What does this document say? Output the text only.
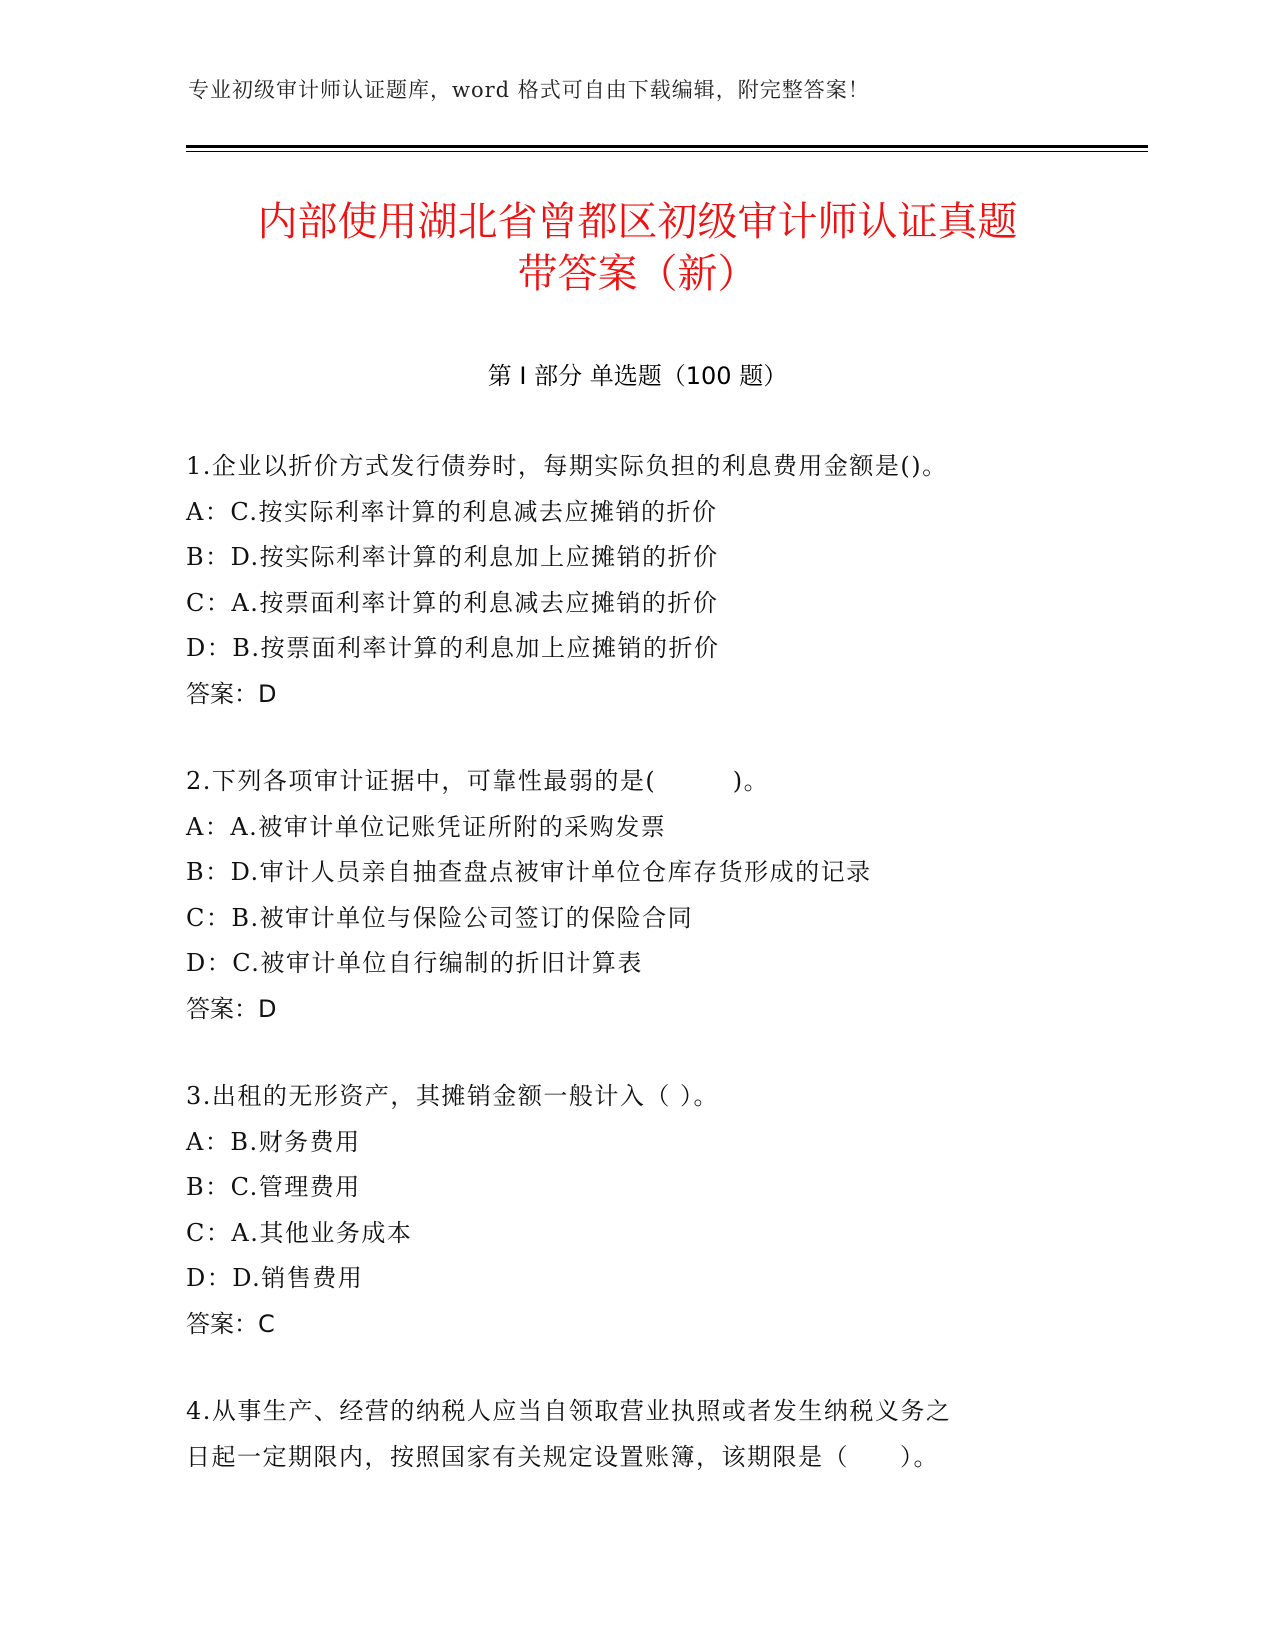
专业初级审计师认证题库，word 格式可自由下载编辑，附完整答案！
内部使用湖北省曾都区初级审计师认证真题
带答案（新）
第 I 部分 单选题（100 题）
1.企业以折价方式发行债券时，每期实际负担的利息费用金额是()。
A：C.按实际利率计算的利息减去应摊销的折价
B：D.按实际利率计算的利息加上应摊销的折价
C：A.按票面利率计算的利息减去应摊销的折价
D：B.按票面利率计算的利息加上应摊销的折价
答案：D
2.下列各项审计证据中，可靠性最弱的是(　　　)。
A：A.被审计单位记账凭证所附的采购发票
B：D.审计人员亲自抽查盘点被审计单位仓库存货形成的记录
C：B.被审计单位与保险公司签订的保险合同
D：C.被审计单位自行编制的折旧计算表
答案：D
3.出租的无形资产，其摊销金额一般计入（ ）。
A：B.财务费用
B：C.管理费用
C：A.其他业务成本
D：D.销售费用
答案：C
4.从事生产、经营的纳税人应当自领取营业执照或者发生纳税义务之
日起一定期限内，按照国家有关规定设置账簿，该期限是（　　）。
